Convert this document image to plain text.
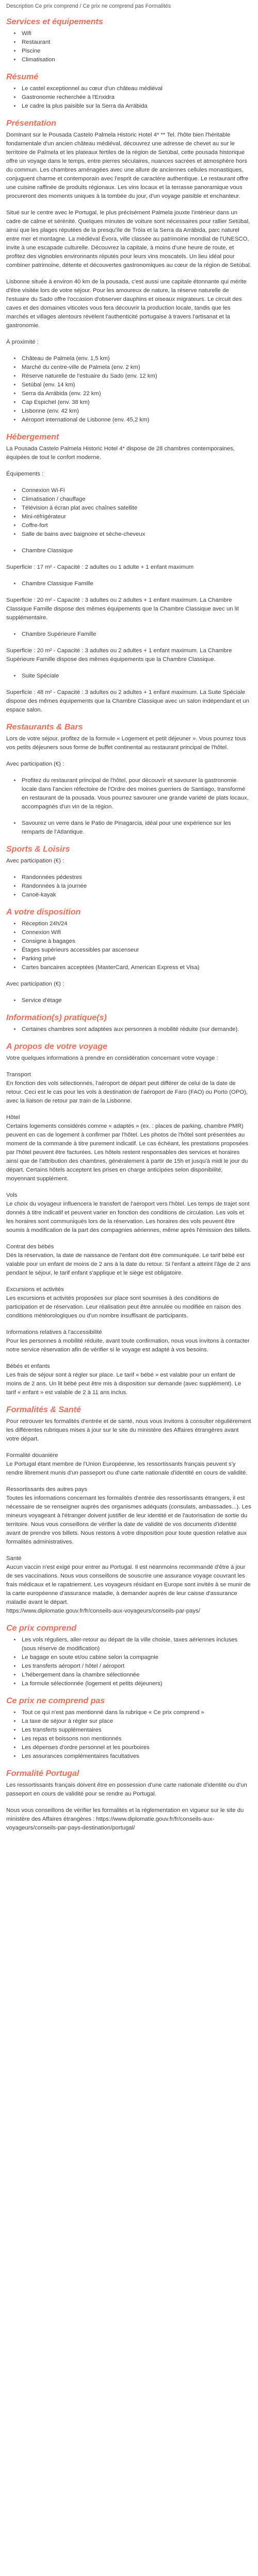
Description Ce prix comprend / Ce prix ne comprend pas Formalités

Services et équipements
• Wifi
• Restaurant
• Piscine
• Climatisation
Résumé
• Le castel exceptionnel au cœur d'un château médiéval
• Gastronomie recherchée à l'Enxidra
• Le cadre la plus paisible sur la Serra da Arrábida
Présentation

Dominant sur le Pousada Castelo Palmela Historic Hotel 4* ** Tel. l'hôte bien l'héritable fondamentale d'un ancien château médiéval, découvrez une adresse de chevet au sur le territoire de Palmela et les plateaux fertiles de la région de Setúbal, cette pousada historique offre un voyage dans le temps, entre pierres séculaires, nuances sacrées et atmosphère hors du commun. Les chambres aménagées avec une allure de anciennes cellules monastiques, conjuguent charme et contemporain avec l'esprit de caractère authentique. Le restaurant offre une cuisine raffinée de produits régionaux. Les vins locaux et la terrasse panoramique vous procureront des moments uniques à la tombée du jour, d'un voyage paisible et enchanteur.

Situé sur le centre avec le Portugal, le plus précisément Palmela jouxte l'intérieur dans un cadre de calme et sérénité. Quelques minutes de voiture sont nécessaires pour rallier Setúbal, ainsi que les plages réputées de la presqu'île de Tróia et la Serra da Arrábida, parc naturel entre mer et montagne. La médiéval Évora, ville classée au patrimoine mondial de l'UNESCO, invite à une escapade culturelle. Découvrez la capitale, à moins d'une heure de route, et profitez des vignobles environnants réputés pour leurs vins moscatels. Un lieu idéal pour combiner patrimoine, détente et découvertes gastronomiques au cœur de la région de Setúbal.

Lisbonne située à environ 40 km de la pousada, c'est aussi une capitale étonnante qui mérite d'être visitée lors de votre séjour. Pour les amoureux de nature, la réserve naturelle de l'estuaire du Sado offre l'occasion d'observer dauphins et oiseaux migrateurs. Le circuit des caves et des domaines viticoles vous fera découvrir la production locale, tandis que les marchés et villages alentours révèlent l'authenticité portugaise à travers l'artisanat et la gastronomie.

À proximité :

• Château de Palmela (env. 1,5 km)
• Marché du centre-ville de Palmela (env. 2 km)
• Réserve naturelle de l'estuaire du Sado (env. 12 km)
• Setúbal (env. 14 km)
• Serra da Arrábida (env. 22 km)
• Cap Espichel (env. 38 km)
• Lisbonne (env. 42 km)
• Aéroport international de Lisbonne (env. 45,2 km)
Hébergement

La Pousada Castelo Palmela Historic Hotel 4* dispose de 28 chambres contemporaines, équipées de tout le confort moderne.

Équipements :

• Connexion Wi-Fi
• Climatisation / chauffage
• Télévision à écran plat avec chaînes satellite
• Mini-réfrigérateur
• Coffre-fort
• Salle de bains avec baignoire et sèche-cheveux
• Chambre Classique

Superficie : 17 m² - Capacité : 2 adultes ou 1 adulte + 1 enfant maximum

• Chambre Classique Famille

Superficie : 20 m² - Capacité : 3 adultes ou 2 adultes + 1 enfant maximum. La Chambre Classique Famille dispose des mêmes équipements que la Chambre Classique avec un lit supplémentaire.

• Chambre Supérieure Famille

Superficie : 20 m² - Capacité : 3 adultes ou 2 adultes + 1 enfant maximum. La Chambre Supérieure Famille dispose des mêmes équipements que la Chambre Classique.

• Suite Spéciale

Superficie : 48 m² - Capacité : 3 adultes ou 2 adultes + 1 enfant maximum. La Suite Spéciale dispose des mêmes équipements que la Chambre Classique avec un salon indépendant et un espace salon.

Restaurants & Bars

Lors de votre séjour, profitez de la formule « Logement et petit déjeuner ». Vous pourrez tous vos petits déjeuners sous forme de buffet continental au restaurant principal de l'hôtel.

Avec participation (€) :

• Profitez du restaurant principal de l'hôtel, pour découvrir et savourer la gastronomie locale dans l'ancien réfectoire de l'Ordre des moines guerriers de Santiago, transformé en restaurant de la pousada. Vous pourrez savourer une grande variété de plats locaux, accompagnés d'un vin de la région.
• Savourez un verre dans le Patio de Pinagarcia, idéal pour une expérience sur les remparts de l'Atlantique.
Sports & Loisirs

Avec participation (€) :

• Randonnées pédestres
• Randonnées à la journée
• Canoë-kayak
A votre disposition
• Réception 24h/24
• Connexion Wifi
• Consigne à bagages
• Étages supérieurs accessibles par ascenseur
• Parking privé
• Cartes bancaires acceptées (MasterCard, American Express et Visa)

Avec participation (€) :

• Service d'étage
Information(s) pratique(s)
• Certaines chambres sont adaptées aux personnes à mobilité réduite (sur demande).
A propos de votre voyage

Votre quelques informations à prendre en considération concernant votre voyage :

Transport

En fonction des vols sélectionnés, l'aéroport de départ peut différer de celui de la date de retour. Ceci est le cas pour les vols à destination de l'aéroport de Faro (FAO) ou Porto (OPO), avec la liaison de retour par train de la Lisbonne.

Hôtel

Certains logements considérés comme « adaptés » (ex. : places de parking, chambre PMR) peuvent en cas de logement à confirmer par l'hôtel. Les photos de l'hôtel sont présentées au moment de la commande à titre purement indicatif. Le cas échéant, les prestations proposées par l'hôtel peuvent être facturées. Les hôtels restent responsables des services et horaires ainsi que de l'attribution des chambres, généralement à partir de 15h et jusqu'à midi le jour du départ. Certains hôtels acceptent les prises en charge anticipées selon disponibilité, moyennant supplément.

Vols

Le choix du voyageur influencera le transfert de l'aéroport vers l'hôtel. Les temps de trajet sont donnés à titre indicatif et peuvent varier en fonction des conditions de circulation. Les vols et les horaires sont communiqués lors de la réservation. Les horaires des vols peuvent être soumis à modification de la part des compagnies aériennes, même après l'émission des billets.

Contrat des bébés

Dès la réservation, la date de naissance de l'enfant doit être communiquée. Le tarif bébé est valable pour un enfant de moins de 2 ans à la date du retour. Si l'enfant a atteint l'âge de 2 ans pendant le séjour, le tarif enfant s'applique et le siège est obligatoire.

Excursions et activités

Les excursions et activités proposées sur place sont soumises à des conditions de participation et de réservation. Leur réalisation peut être annulée ou modifiée en raison des conditions météorologiques ou d'un nombre insuffisant de participants.

Informations relatives à l'accessibilité

Pour les personnes à mobilité réduite, avant toute confirmation, nous vous invitons à contacter notre service réservation afin de vérifier si le voyage est adapté à vos besoins.

Bébés et enfants

Les frais de séjour sont à régler sur place. Le tarif « bébé » est valable pour un enfant de moins de 2 ans. Un lit bébé peut être mis à disposition sur demande (avec supplément). Le tarif « enfant » est valable de 2 à 11 ans inclus.

Formalités & Santé

Pour retrouver les formalités d'entrée et de santé, nous vous invitons à consulter régulièrement les différentes rubriques mises à jour sur le site du ministère des Affaires étrangères avant votre départ.

Formalité douanière

Le Portugal étant membre de l'Union Européenne, les ressortissants français peuvent s'y rendre librement munis d'un passeport ou d'une carte nationale d'identité en cours de validité.

Ressortissants des autres pays

Toutes les informations concernant les formalités d'entrée des ressortissants étrangers, il est nécessaire de se renseigner auprès des organismes adéquats (consulats, ambassades...). Les mineurs voyageant à l'étranger doivent justifier de leur identité et de l'autorisation de sortie du territoire. Nous vous conseillons de vérifier la date de validité de vos documents d'identité avant de prendre vos billets. Nous restons à votre disposition pour toute question relative aux formalités administratives.

Santé

Aucun vaccin n'est exigé pour entrer au Portugal. Il est néanmoins recommandé d'être à jour de ses vaccinations. Nous vous conseillons de souscrire une assurance voyage couvrant les frais médicaux et le rapatriement. Les voyageurs résidant en Europe sont invités à se munir de la carte européenne d'assurance maladie, à demander auprès de leur caisse d'assurance maladie avant le départ.

https://www.diplomatie.gouv.fr/fr/conseils-aux-voyageurs/conseils-par-pays/

Ce prix comprend
• Les vols réguliers, aller-retour au départ de la ville choisie, taxes aériennes incluses (sous réserve de modification)
• Le bagage en soute et/ou cabine selon la compagnie
• Les transferts aéroport / hôtel / aéroport
• L'hébergement dans la chambre sélectionnée
• La formule sélectionnée (logement et petits déjeuners)
Ce prix ne comprend pas
• Tout ce qui n'est pas mentionné dans la rubrique « Ce prix comprend »
• La taxe de séjour à régler sur place
• Les transferts supplémentaires
• Les repas et boissons non mentionnés
• Les dépenses d'ordre personnel et les pourboires
• Les assurances complémentaires facultatives
Formalité Portugal

Les ressortissants français doivent être en possession d'une carte nationale d'identité ou d'un passeport en cours de validité pour se rendre au Portugal.

Nous vous conseillons de vérifier les formalités et la réglementation en vigueur sur le site du ministère des Affaires étrangères : https://www.diplomatie.gouv.fr/fr/conseils-aux-voyageurs/conseils-par-pays-destination/portugal/
